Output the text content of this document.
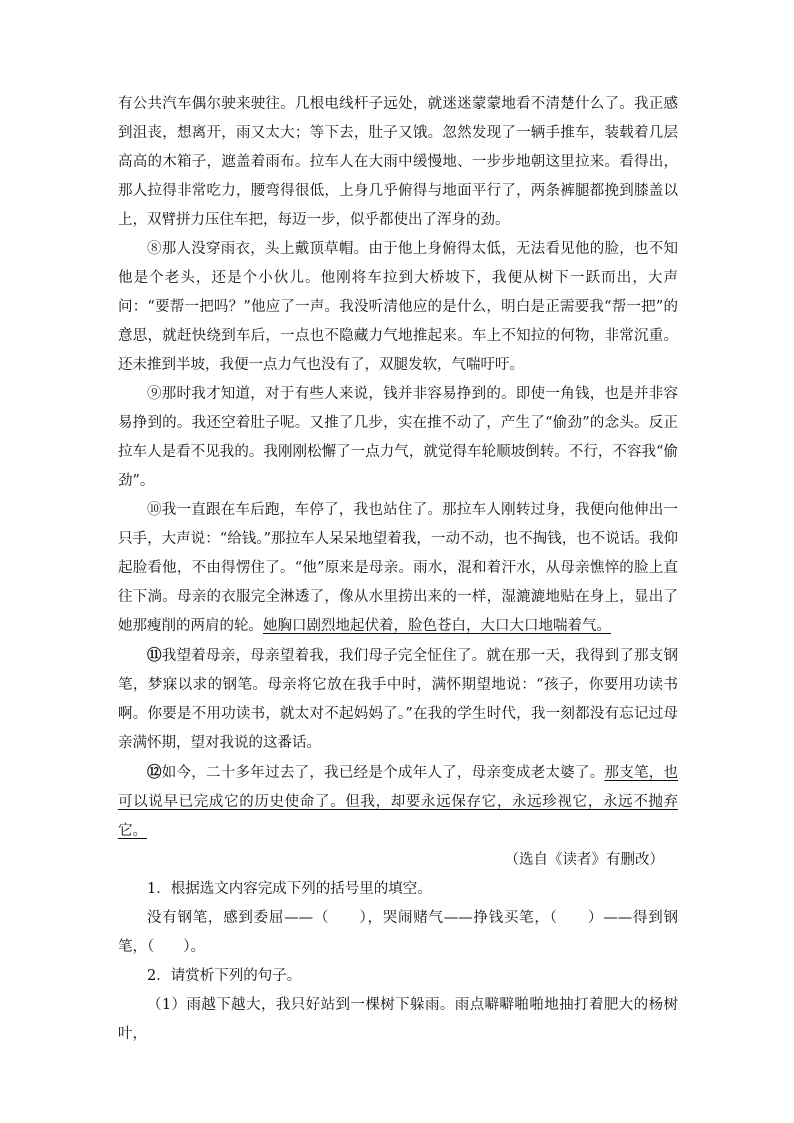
有公共汽车偶尔驶来驶往。几根电线杆子远处，就迷迷蒙蒙地看不清楚什么了。我正感到沮丧，想离开，雨又太大；等下去，肚子又饿。忽然发现了一辆手推车，装载着几层高高的木箱子，遮盖着雨布。拉车人在大雨中缓慢地、一步步地朝这里拉来。看得出，那人拉得非常吃力，腰弯得很低，上身几乎俯得与地面平行了，两条裤腿都挽到膝盖以上，双臂拼力压住车把，每迈一步，似乎都使出了浑身的劲。

⑧那人没穿雨衣，头上戴顶草帽。由于他上身俯得太低，无法看见他的脸，也不知他是个老头，还是个小伙儿。他刚将车拉到大桥坡下，我便从树下一跃而出，大声问：“要帮一把吗？”他应了一声。我没听清他应的是什么，明白是正需要我“帮一把”的意思，就赶快绕到车后，一点也不隐藏力气地推起来。车上不知拉的何物，非常沉重。还未推到半坡，我便一点力气也没有了，双腿发软，气喘吁吁。

⑨那时我才知道，对于有些人来说，钱并非容易挣到的。即使一角钱，也是并非容易挣到的。我还空着肚子呢。又推了几步，实在推不动了，产生了“偷劲”的念头。反正拉车人是看不见我的。我刚刚松懈了一点力气，就觉得车轮顺坡倒转。不行，不容我“偷劲”。

⑩我一直跟在车后跑，车停了，我也站住了。那拉车人刚转过身，我便向他伸出一只手，大声说：“给钱。”那拉车人呆呆地望着我，一动不动，也不掏钱，也不说话。我仰起脸看他，不由得愣住了。“他”原来是母亲。雨水，混和着汗水，从母亲憔悴的脸上直往下淌。母亲的衣服完全淋透了，像从水里捞出来的一样，湿漉漉地贴在身上，显出了她那瘦削的两肩的轮。她胸口剧烈地起伏着，脸色苍白，大口大口地喘着气。

⑪我望着母亲，母亲望着我，我们母子完全怔住了。就在那一天，我得到了那支钢笔，梦寐以求的钢笔。母亲将它放在我手中时，满怀期望地说：“孩子，你要用功读书啊。你要是不用功读书，就太对不起妈妈了。”在我的学生时代，我一刻都没有忘记过母亲满怀期，望对我说的这番话。

⑫如今，二十多年过去了，我已经是个成年人了，母亲变成老太婆了。那支笔，也可以说早已完成它的历史使命了。但我，却要永远保存它，永远珍视它，永远不抛弃它。

（选自《读者》有删改）

1．根据选文内容完成下列的括号里的填空。

没有钢笔，感到委屈——（　　），哭闹赌气——挣钱买笔，（　　）——得到钢笔，（　　）。

2．请赏析下列的句子。

（1）雨越下越大，我只好站到一棵树下躲雨。雨点噼噼啪啪地抽打着肥大的杨树叶，
